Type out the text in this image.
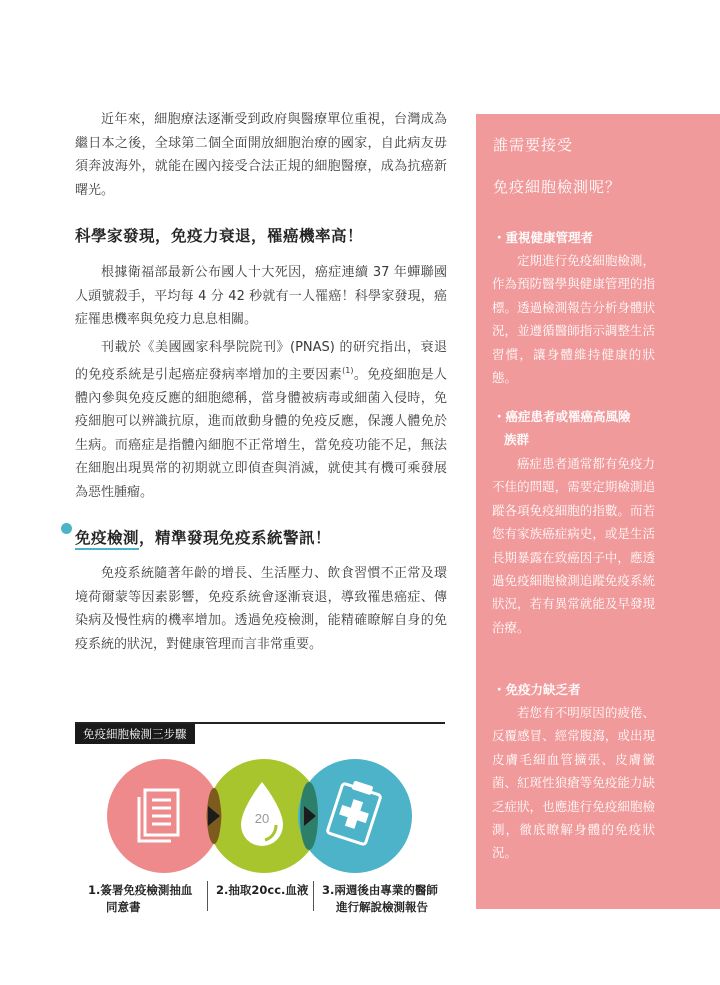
近年來，細胞療法逐漸受到政府與醫療單位重視，台灣成為繼日本之後，全球第二個全面開放細胞治療的國家，自此病友毋須奔波海外，就能在國內接受合法正規的細胞醫療，成為抗癌新曙光。

科學家發現，免疫力衰退，罹癌機率高！

根據衛福部最新公布國人十大死因，癌症連續 37 年蟬聯國人頭號殺手，平均每 4 分 42 秒就有一人罹癌！科學家發現，癌症罹患機率與免疫力息息相關。

刊載於《美國國家科學院院刊》(PNAS) 的研究指出，衰退的免疫系統是引起癌症發病率增加的主要因素$^{(1)}$。免疫細胞是人體內參與免疫反應的細胞總稱，當身體被病毒或細菌入侵時，免疫細胞可以辨識抗原，進而啟動身體的免疫反應，保護人體免於生病。而癌症是指體內細胞不正常增生，當免疫功能不足，無法在細胞出現異常的初期就立即偵查與消滅，就使其有機可乘發展為惡性腫瘤。

免疫檢測，精準發現免疫系統警訊！

免疫系統隨著年齡的增長、生活壓力、飲食習慣不正常及環境荷爾蒙等因素影響，免疫系統會逐漸衰退，導致罹患癌症、傳染病及慢性病的機率增加。透過免疫檢測，能精確瞭解自身的免疫系統的狀況，對健康管理而言非常重要。

免疫細胞檢測三步驟
20
1.簽署免疫檢測抽血
同意書
2.抽取20cc.血液 3.兩週後由專業的醫師
進行解說檢測報告
誰需要接受
免疫細胞檢測呢？
・重視健康管理者

定期進行免疫細胞檢測，作為預防醫學與健康管理的指標。透過檢測報告分析身體狀況，並遵循醫師指示調整生活習慣，讓身體維持健康的狀態。

・癌症患者或罹癌高風險
族群

癌症患者通常都有免疫力不佳的問題，需要定期檢測追蹤各項免疫細胞的指數。而若您有家族癌症病史，或是生活長期暴露在致癌因子中，應透過免疫細胞檢測追蹤免疫系統狀況，若有異常就能及早發現治療。

・免疫力缺乏者

若您有不明原因的疲倦、反覆感冒、經常腹瀉，或出現皮膚毛細血管擴張、皮膚黴菌、紅斑性狼瘡等免疫能力缺乏症狀，也應進行免疫細胞檢測，徹底瞭解身體的免疫狀況。
